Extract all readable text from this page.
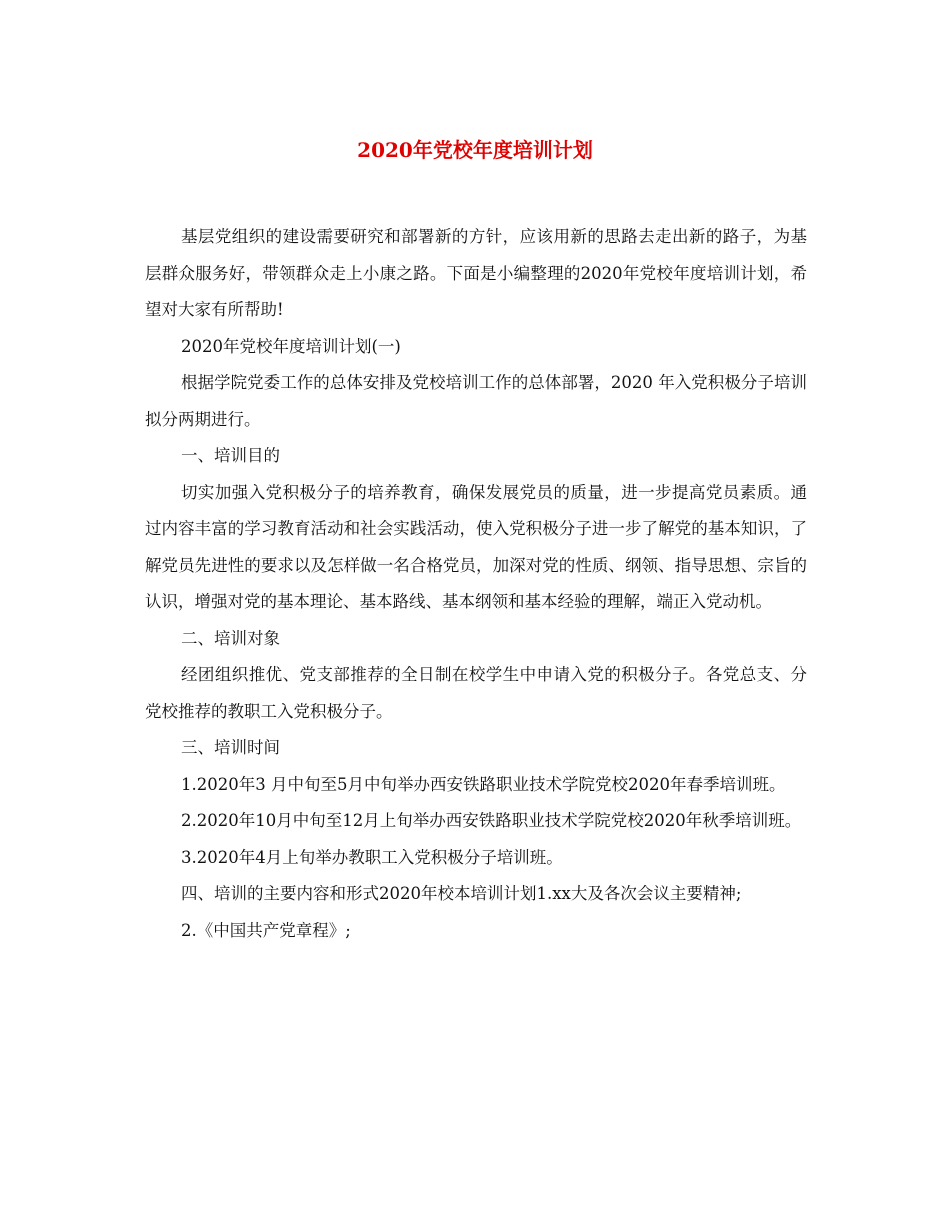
2020年党校年度培训计划

基层党组织的建设需要研究和部署新的方针，应该用新的思路去走出新的路子，为基层群众服务好，带领群众走上小康之路。下面是小编整理的2020年党校年度培训计划，希望对大家有所帮助!

2020年党校年度培训计划(一)

根据学院党委工作的总体安排及党校培训工作的总体部署，2020 年入党积极分子培训拟分两期进行。

一、培训目的

切实加强入党积极分子的培养教育，确保发展党员的质量，进一步提高党员素质。通过内容丰富的学习教育活动和社会实践活动，使入党积极分子进一步了解党的基本知识，了解党员先进性的要求以及怎样做一名合格党员，加深对党的性质、纲领、指导思想、宗旨的认识，增强对党的基本理论、基本路线、基本纲领和基本经验的理解，端正入党动机。

二、培训对象

经团组织推优、党支部推荐的全日制在校学生中申请入党的积极分子。各党总支、分党校推荐的教职工入党积极分子。

三、培训时间

1.2020年3 月中旬至5月中旬举办西安铁路职业技术学院党校2020年春季培训班。

2.2020年10月中旬至12月上旬举办西安铁路职业技术学院党校2020年秋季培训班。

3.2020年4月上旬举办教职工入党积极分子培训班。

四、培训的主要内容和形式2020年校本培训计划1.xx大及各次会议主要精神;

2.《中国共产党章程》;
